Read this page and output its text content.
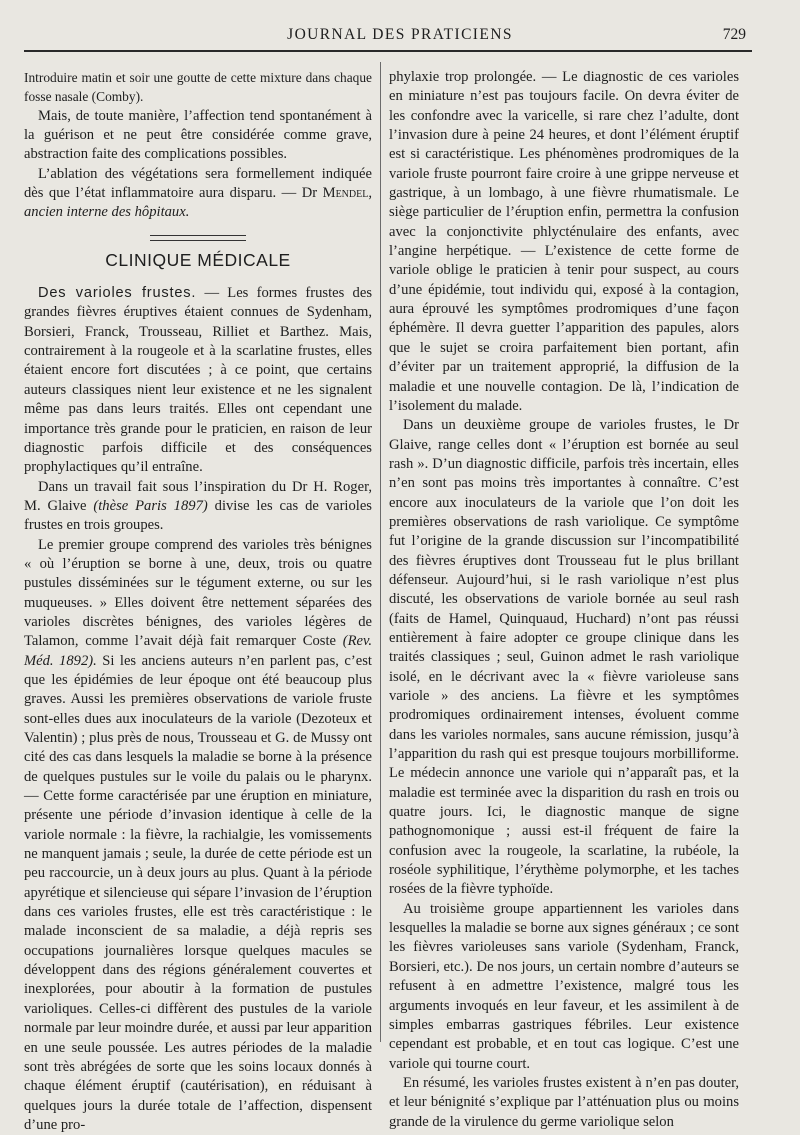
JOURNAL DES PRATICIENS	729

Introduire matin et soir une goutte de cette mixture dans chaque fosse nasale (Comby).

Mais, de toute manière, l’affection tend spontanément à la guérison et ne peut être considérée comme grave, abstraction faite des complications possibles.

L’ablation des végétations sera formellement indiquée dès que l’état inflammatoire aura disparu. — Dr Mendel, ancien interne des hôpitaux.

CLINIQUE MÉDICALE

Des varioles frustes. — Les formes frustes des grandes fièvres éruptives étaient connues de Sydenham, Borsieri, Franck, Trousseau, Rilliet et Barthez. Mais, contrairement à la rougeole et à la scarlatine frustes, elles étaient encore fort discutées ; à ce point, que certains auteurs classiques nient leur existence et ne les signalent même pas dans leurs traités. Elles ont cependant une importance très grande pour le praticien, en raison de leur diagnostic parfois difficile et des conséquences prophylactiques qu’il entraîne.

Dans un travail fait sous l’inspiration du Dr H. Roger, M. Glaive (thèse Paris 1897) divise les cas de varioles frustes en trois groupes.

Le premier groupe comprend des varioles très bénignes « où l’éruption se borne à une, deux, trois ou quatre pustules disséminées sur le tégument externe, ou sur les muqueuses. » Elles doivent être nettement séparées des varioles discrètes bénignes, des varioles légères de Talamon, comme l’avait déjà fait remarquer Coste (Rev. Méd. 1892). Si les anciens auteurs n’en parlent pas, c’est que les épidémies de leur époque ont été beaucoup plus graves. Aussi les premières observations de variole fruste sont-elles dues aux inoculateurs de la variole (Dezoteux et Valentin) ; plus près de nous, Trousseau et G. de Mussy ont cité des cas dans lesquels la maladie se borne à la présence de quelques pustules sur le voile du palais ou le pharynx. — Cette forme caractérisée par une éruption en miniature, présente une période d’invasion identique à celle de la variole normale : la fièvre, la rachialgie, les vomissements ne manquent jamais ; seule, la durée de cette période est un peu raccourcie, un à deux jours au plus. Quant à la période apyrétique et silencieuse qui sépare l’invasion de l’éruption dans ces varioles frustes, elle est très caractéristique : le malade inconscient de sa maladie, a déjà repris ses occupations journalières lorsque quelques macules se développent dans des régions généralement couvertes et inexplorées, pour aboutir à la formation de pustules varioliques. Celles-ci diffèrent des pustules de la variole normale par leur moindre durée, et aussi par leur apparition en une seule poussée. Les autres périodes de la maladie sont très abrégées de sorte que les soins locaux donnés à chaque élément éruptif (cautérisation), en réduisant à quelques jours la durée totale de l’affection, dispensent d’une pro-

phylaxie trop prolongée. — Le diagnostic de ces varioles en miniature n’est pas toujours facile. On devra éviter de les confondre avec la varicelle, si rare chez l’adulte, dont l’invasion dure à peine 24 heures, et dont l’élément éruptif est si caractéristique. Les phénomènes prodromiques de la variole fruste pourront faire croire à une grippe nerveuse et gastrique, à un lombago, à une fièvre rhumatismale. Le siège particulier de l’éruption enfin, permettra la confusion avec la conjonctivite phlycténulaire des enfants, avec l’angine herpétique. — L’existence de cette forme de variole oblige le praticien à tenir pour suspect, au cours d’une épidémie, tout individu qui, exposé à la contagion, aura éprouvé les symptômes prodromiques d’une façon éphémère. Il devra guetter l’apparition des papules, alors que le sujet se croira parfaitement bien portant, afin d’éviter par un traitement approprié, la diffusion de la maladie et une nouvelle contagion. De là, l’indication de l’isolement du malade.

Dans un deuxième groupe de varioles frustes, le Dr Glaive, range celles dont « l’éruption est bornée au seul rash ». D’un diagnostic difficile, parfois très incertain, elles n’en sont pas moins très importantes à connaître. C’est encore aux inoculateurs de la variole que l’on doit les premières observations de rash variolique. Ce symptôme fut l’origine de la grande discussion sur l’incompatibilité des fièvres éruptives dont Trousseau fut le plus brillant défenseur. Aujourd’hui, si le rash variolique n’est plus discuté, les observations de variole bornée au seul rash (faits de Hamel, Quinquaud, Huchard) n’ont pas réussi entièrement à faire adopter ce groupe clinique dans les traités classiques ; seul, Guinon admet le rash variolique isolé, en le décrivant avec la « fièvre varioleuse sans variole » des anciens. La fièvre et les symptômes prodromiques ordinairement intenses, évoluent comme dans les varioles normales, sans aucune rémission, jusqu’à l’apparition du rash qui est presque toujours morbilliforme. Le médecin annonce une variole qui n’apparaît pas, et la maladie est terminée avec la disparition du rash en trois ou quatre jours. Ici, le diagnostic manque de signe pathognomonique ; aussi est-il fréquent de faire la confusion avec la rougeole, la scarlatine, la rubéole, la roséole syphilitique, l’érythème polymorphe, et les taches rosées de la fièvre typhoïde.

Au troisième groupe appartiennent les varioles dans lesquelles la maladie se borne aux signes généraux ; ce sont les fièvres varioleuses sans variole (Sydenham, Franck, Borsieri, etc.). De nos jours, un certain nombre d’auteurs se refusent à en admettre l’existence, malgré tous les arguments invoqués en leur faveur, et les assimilent à de simples embarras gastriques fébriles. Leur existence cependant est probable, et en tout cas logique. C’est une variole qui tourne court.

En résumé, les varioles frustes existent à n’en pas douter, et leur bénignité s’explique par l’atténuation plus ou moins grande de la virulence du germe variolique selon
